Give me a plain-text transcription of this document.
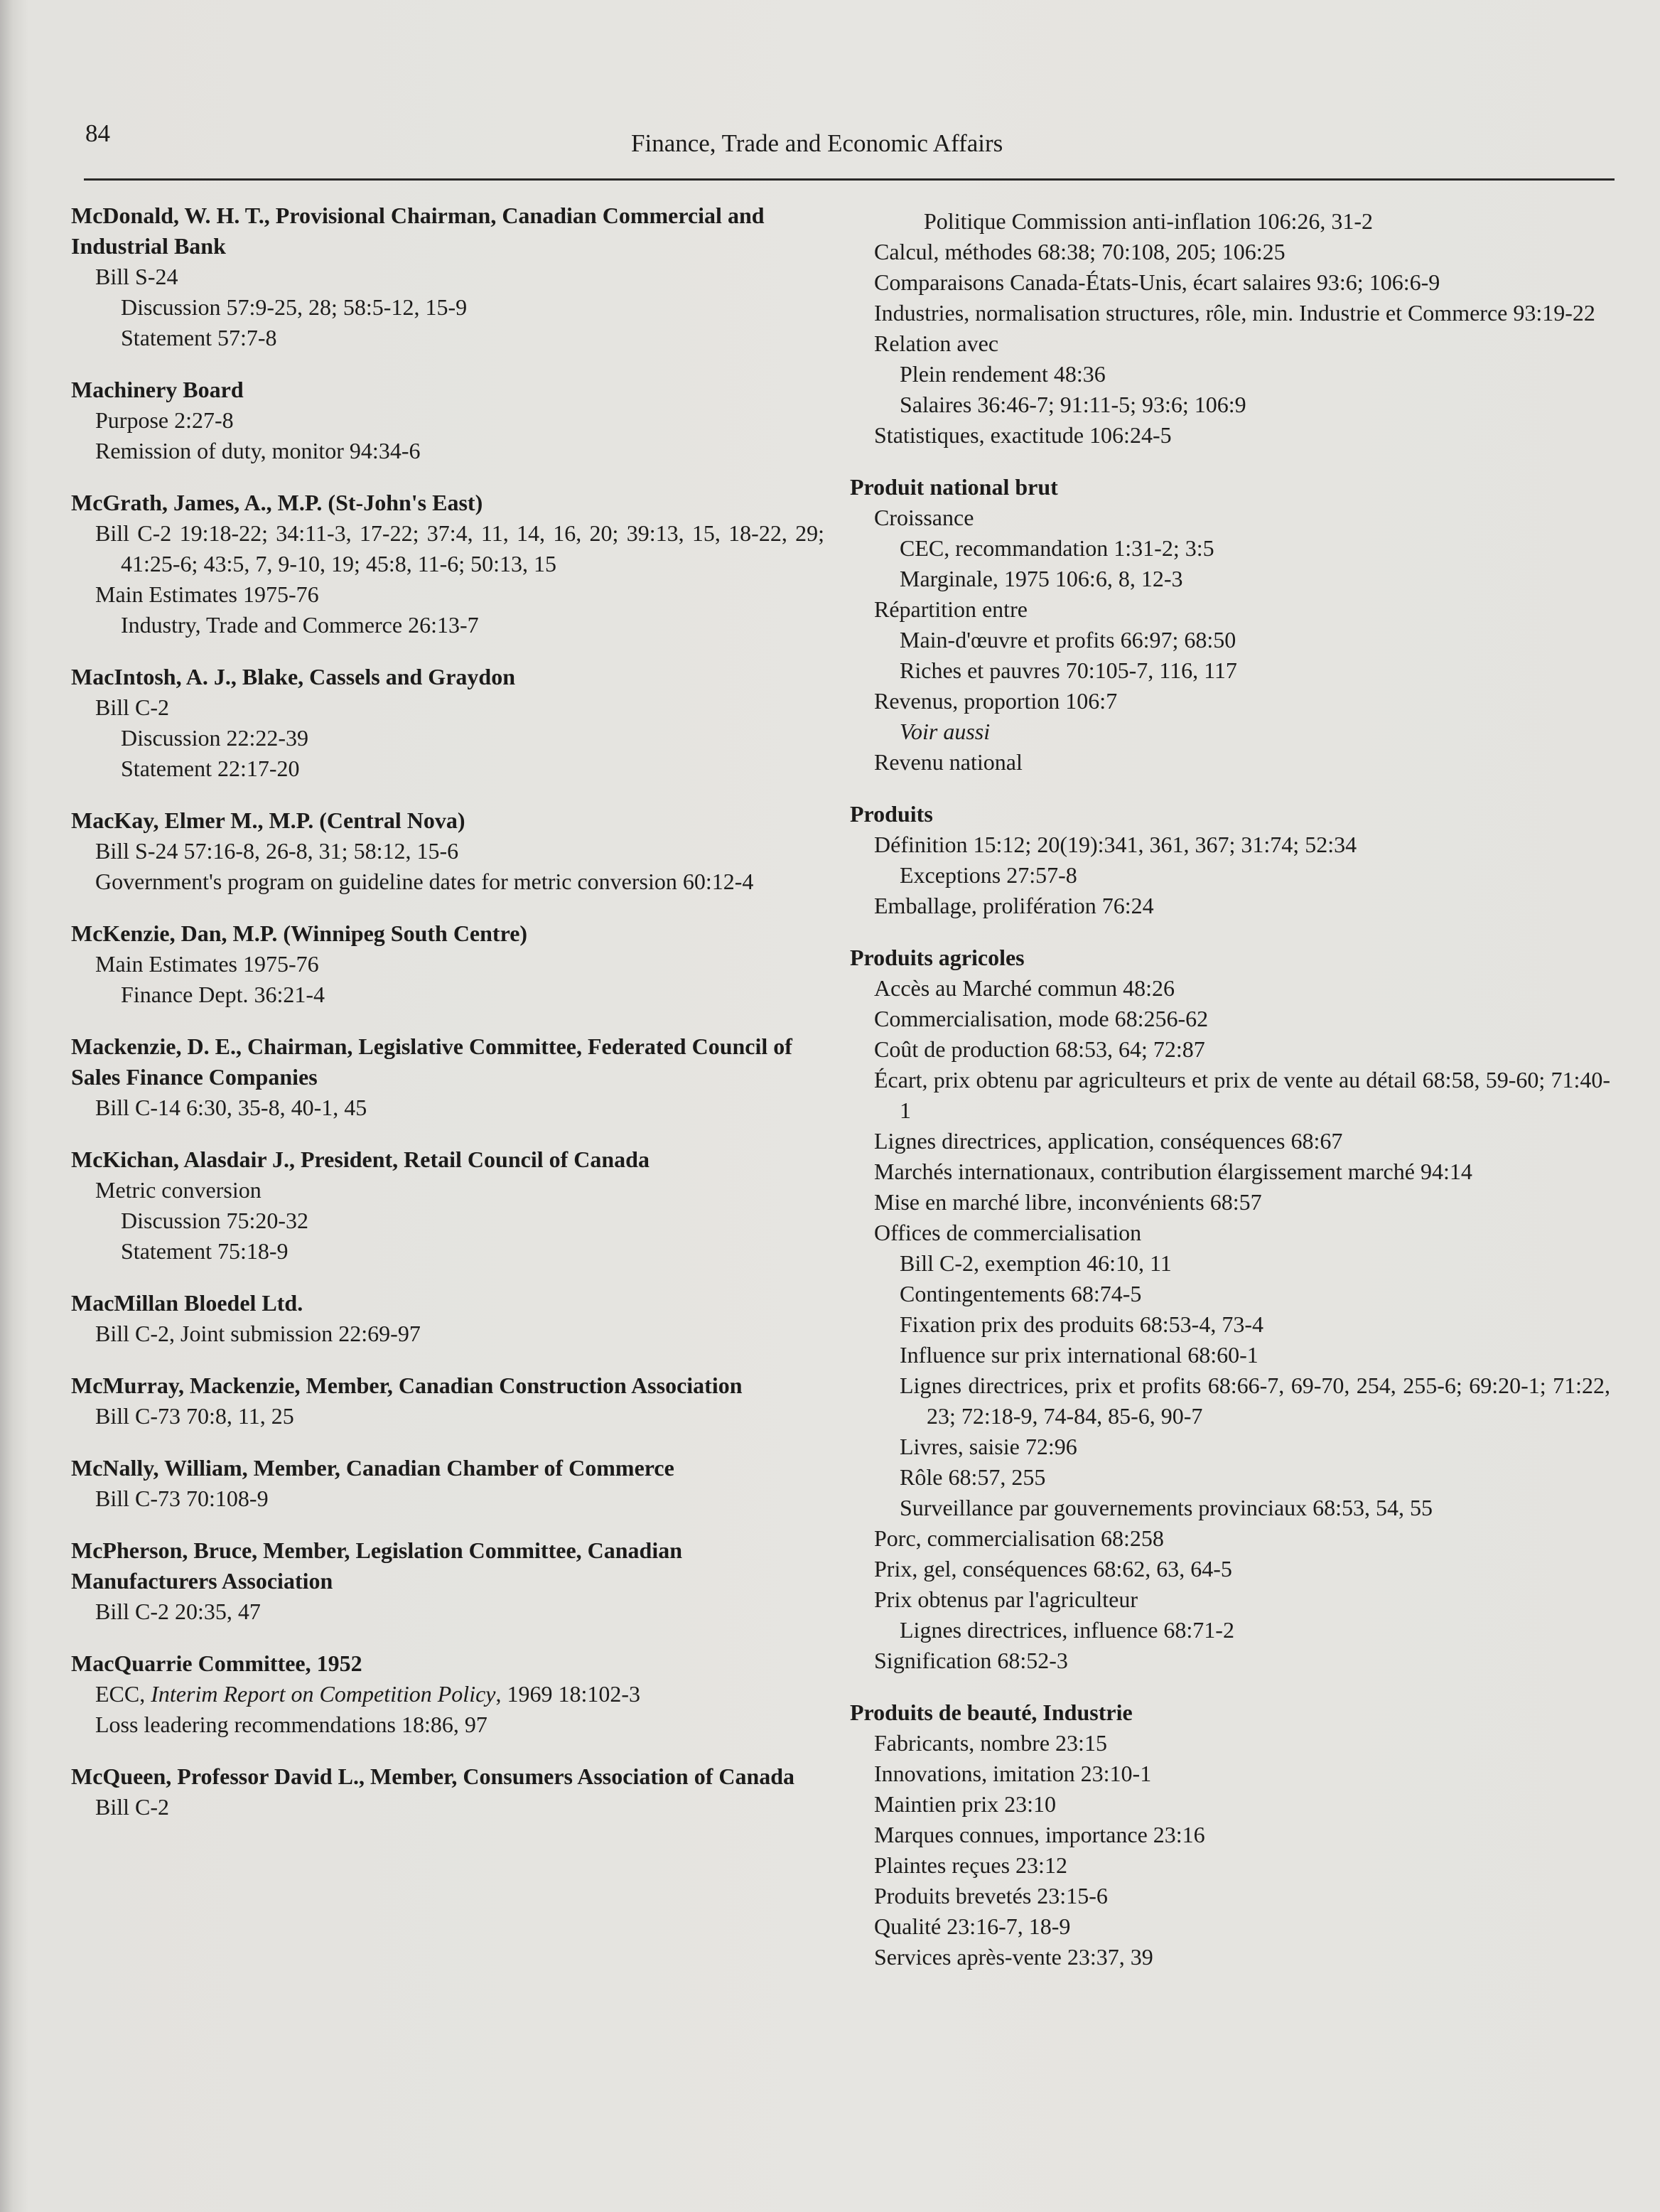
84	Finance, Trade and Economic Affairs
McDonald, W. H. T., Provisional Chairman, Canadian Commercial and Industrial Bank
Bill S-24
Discussion 57:9-25, 28; 58:5-12, 15-9
Statement 57:7-8
Machinery Board
Purpose 2:27-8
Remission of duty, monitor 94:34-6
McGrath, James, A., M.P. (St-John's East)
Bill C-2 19:18-22; 34:11-3, 17-22; 37:4, 11, 14, 16, 20; 39:13, 15, 18-22, 29; 41:25-6; 43:5, 7, 9-10, 19; 45:8, 11-6; 50:13, 15
Main Estimates 1975-76
Industry, Trade and Commerce 26:13-7
MacIntosh, A. J., Blake, Cassels and Graydon
Bill C-2
Discussion 22:22-39
Statement 22:17-20
MacKay, Elmer M., M.P. (Central Nova)
Bill S-24 57:16-8, 26-8, 31; 58:12, 15-6
Government's program on guideline dates for metric conversion 60:12-4
McKenzie, Dan, M.P. (Winnipeg South Centre)
Main Estimates 1975-76
Finance Dept. 36:21-4
Mackenzie, D. E., Chairman, Legislative Committee, Federated Council of Sales Finance Companies
Bill C-14 6:30, 35-8, 40-1, 45
McKichan, Alasdair J., President, Retail Council of Canada
Metric conversion
Discussion 75:20-32
Statement 75:18-9
MacMillan Bloedel Ltd.
Bill C-2, Joint submission 22:69-97
McMurray, Mackenzie, Member, Canadian Construction Association
Bill C-73 70:8, 11, 25
McNally, William, Member, Canadian Chamber of Commerce
Bill C-73 70:108-9
McPherson, Bruce, Member, Legislation Committee, Canadian Manufacturers Association
Bill C-2 20:35, 47
MacQuarrie Committee, 1952
ECC, Interim Report on Competition Policy, 1969 18:102-3
Loss leadering recommendations 18:86, 97
McQueen, Professor David L., Member, Consumers Association of Canada
Bill C-2
Politique Commission anti-inflation 106:26, 31-2
Calcul, méthodes 68:38; 70:108, 205; 106:25
Comparaisons Canada-États-Unis, écart salaires 93:6; 106:6-9
Industries, normalisation structures, rôle, min. Industrie et Commerce 93:19-22
Relation avec
Plein rendement 48:36
Salaires 36:46-7; 91:11-5; 93:6; 106:9
Statistiques, exactitude 106:24-5
Produit national brut
Croissance
CEC, recommandation 1:31-2; 3:5
Marginale, 1975 106:6, 8, 12-3
Répartition entre
Main-d'œuvre et profits 66:97; 68:50
Riches et pauvres 70:105-7, 116, 117
Revenus, proportion 106:7
Voir aussi
Revenu national
Produits
Définition 15:12; 20(19):341, 361, 367; 31:74; 52:34
Exceptions 27:57-8
Emballage, prolifération 76:24
Produits agricoles
Accès au Marché commun 48:26
Commercialisation, mode 68:256-62
Coût de production 68:53, 64; 72:87
Écart, prix obtenu par agriculteurs et prix de vente au détail 68:58, 59-60; 71:40-1
Lignes directrices, application, conséquences 68:67
Marchés internationaux, contribution élargissement marché 94:14
Mise en marché libre, inconvénients 68:57
Offices de commercialisation
Bill C-2, exemption 46:10, 11
Contingentements 68:74-5
Fixation prix des produits 68:53-4, 73-4
Influence sur prix international 68:60-1
Lignes directrices, prix et profits 68:66-7, 69-70, 254, 255-6; 69:20-1; 71:22, 23; 72:18-9, 74-84, 85-6, 90-7
Livres, saisie 72:96
Rôle 68:57, 255
Surveillance par gouvernements provinciaux 68:53, 54, 55
Porc, commercialisation 68:258
Prix, gel, conséquences 68:62, 63, 64-5
Prix obtenus par l'agriculteur
Lignes directrices, influence 68:71-2
Signification 68:52-3
Produits de beauté, Industrie
Fabricants, nombre 23:15
Innovations, imitation 23:10-1
Maintien prix 23:10
Marques connues, importance 23:16
Plaintes reçues 23:12
Produits brevetés 23:15-6
Qualité 23:16-7, 18-9
Services après-vente 23:37, 39
